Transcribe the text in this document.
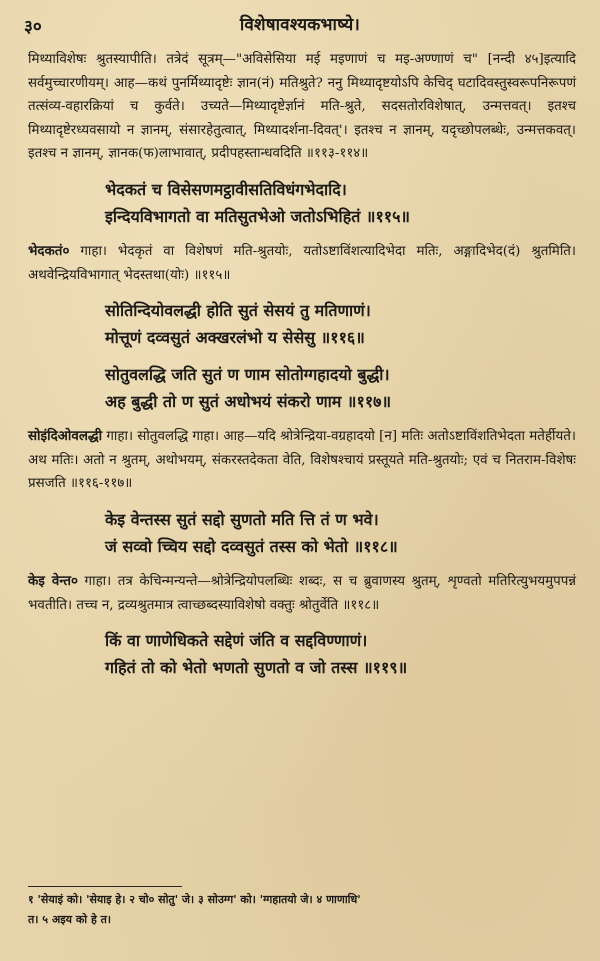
३०	विशेषावश्यकभाष्ये।

मिथ्याविशेषः श्रुतस्यापीति। तत्रेदं सूत्रम्—"अविसेसिया मई मइणाणं च मइ-अण्णाणं च" [नन्दी ४५]इत्यादि सर्वमुच्चारणीयम्। आह—कथं पुनर्मिथ्यादृष्टेः ज्ञान(नं) मतिश्रुते? ननु मिथ्यादृष्टयोऽपि केचिद् घटादिवस्तुस्वरूपनिरूपणं तत्संव्य-वहारक्रियां च कुर्वते। उच्यते—मिथ्यादृष्टेर्ज्ञानं मति-श्रुते, सदसतोरविशेषात्, उन्मत्तवत्। इतश्च मिथ्यादृष्टेरध्यवसायो न ज्ञानम्, संसारहेतुत्वात्, मिथ्यादर्शना-दिवत्'। इतश्च न ज्ञानम्, यदृच्छोपलब्धेः, उन्मत्तकवत्। इतश्च न ज्ञानम्, ज्ञानक(फ)लाभावात्, प्रदीपहस्तान्धवदिति ॥११३-११४॥

भेदकतं च विसेसणमट्ठावीसतिविधंगभेदादि।
इन्दियविभागतो वा मतिसुतभेओ जतोऽभिहितं ॥११५॥

भेदकतं० गाहा। भेदकृतं वा विशेषणं मति-श्रुतयोः, यतोऽष्टाविंशत्यादिभेदा मतिः, अङ्गादिभेद(दं) श्रुतमिति। अथवेन्द्रियविभागात् भेदस्तथा(योः) ॥११५॥

सोतिन्दियोवलद्धी होति सुतं सेसयं तु मतिणाणं।
मोत्तूणं दव्वसुतं अक्खरलंभो य सेसेसु ॥११६॥
सोतुवलद्धि जति सुतं ण णाम सोतोग्गहादयो बुद्धी।
अह बुद्धी तो ण सुतं अधोभयं संकरो णाम ॥११७॥

सोइंदिओवलद्धी गाहा। सोतुवलद्धि गाहा। आह—यदि श्रोत्रेन्द्रिया-वग्रहादयो [न] मतिः अतोऽष्टाविंशतिभेदता मतेर्हीयते। अथ मतिः। अतो न श्रुतम्, अथोभयम्, संकरस्तदेकता वेति, विशेषश्चायं प्रस्तूयते मति-श्रुतयोः; एवं च नितराम-विशेषः प्रसजति ॥११६-११७॥

केइ वेन्तस्स सुतं सद्दो सुणतो मति त्ति तं ण भवे।
जं सव्वो च्चिय सद्दो दव्वसुतं तस्स को भेतो ॥११८॥

केइ वेन्त० गाहा। तत्र केचिन्मन्यन्ते—श्रोत्रेन्द्रियोपलब्धिः शब्दः, स च ब्रुवाणस्य श्रुतम्, शृण्वतो मतिरित्युभयमुपपन्नं भवतीति। तच्च न, द्रव्यश्रुतमात्र त्वाच्छब्दस्याविशेषो वक्तुः श्रोतुर्वेति ॥११८॥

किं वा णाणेधिकते सद्देणं जंति व सद्दविण्णाणं।
गहितं तो को भेतो भणतो सुणतो व जो तस्स ॥११९॥
१ 'सेयाइं को। 'सेयाइ हे। २ चो० सोतु' जे। ३ सोउग्ग' को। 'ग्गहातयो जे। ४ णाणाधि'
त। ५ अइय को हे त।
